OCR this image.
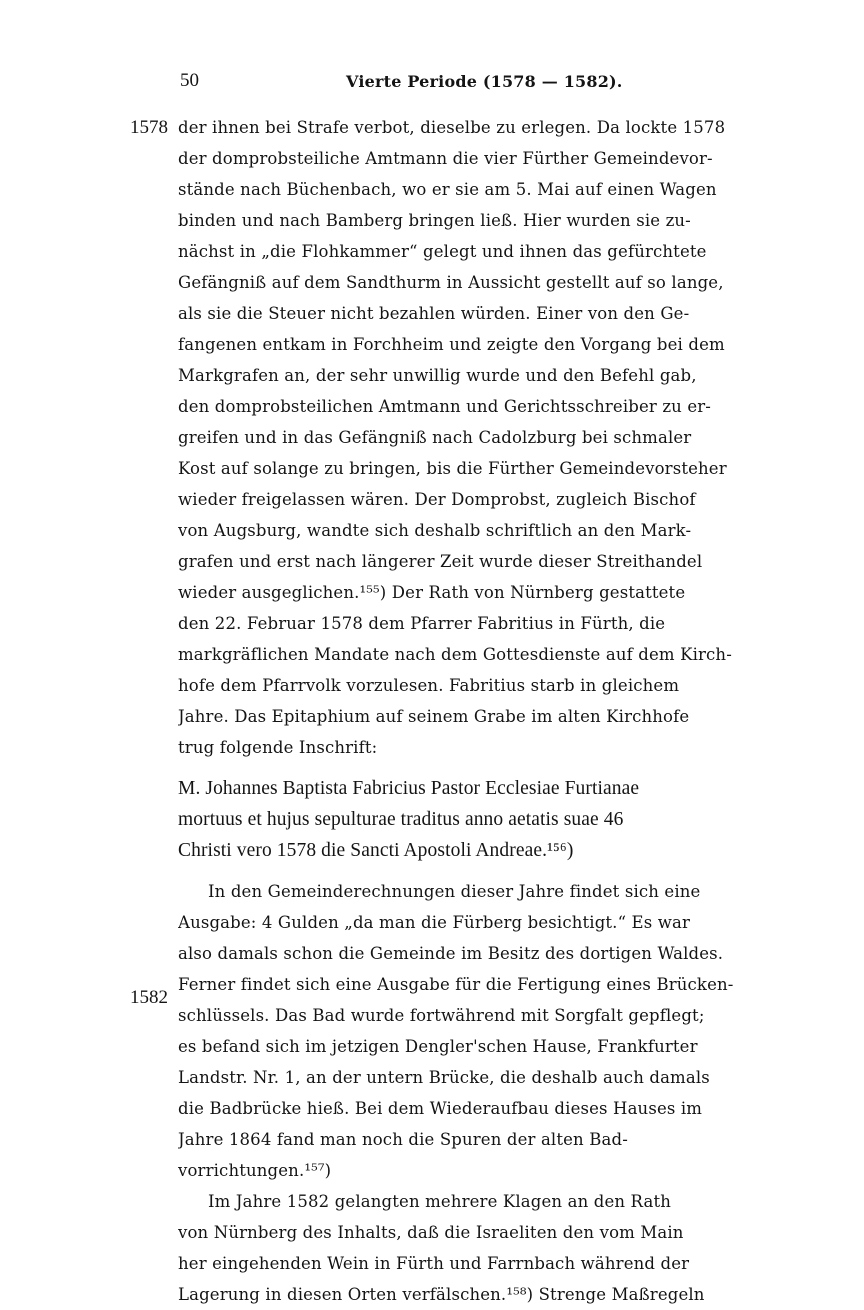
50	Vierte Periode (1578 — 1582).
1578
1582
der ihnen bei Strafe verbot, dieselbe zu erlegen. Da lockte 1578
der domprobsteiliche Amtmann die vier Fürther Gemeindevor-
stände nach Büchenbach, wo er sie am 5. Mai auf einen Wagen
binden und nach Bamberg bringen ließ. Hier wurden sie zu-
nächst in „die Flohkammer“ gelegt und ihnen das gefürchtete
Gefängniß auf dem Sandthurm in Aussicht gestellt auf so lange,
als sie die Steuer nicht bezahlen würden. Einer von den Ge-
fangenen entkam in Forchheim und zeigte den Vorgang bei dem
Markgrafen an, der sehr unwillig wurde und den Befehl gab,
den domprobsteilichen Amtmann und Gerichtsschreiber zu er-
greifen und in das Gefängniß nach Cadolzburg bei schmaler
Kost auf solange zu bringen, bis die Fürther Gemeindevorsteher
wieder freigelassen wären. Der Domprobst, zugleich Bischof
von Augsburg, wandte sich deshalb schriftlich an den Mark-
grafen und erst nach längerer Zeit wurde dieser Streithandel
wieder ausgeglichen.¹⁵⁵) Der Rath von Nürnberg gestattete
den 22. Februar 1578 dem Pfarrer Fabritius in Fürth, die
markgräflichen Mandate nach dem Gottesdienste auf dem Kirch-
hofe dem Pfarrvolk vorzulesen. Fabritius starb in gleichem
Jahre. Das Epitaphium auf seinem Grabe im alten Kirchhofe
trug folgende Inschrift:
M. Johannes Baptista Fabricius Pastor Ecclesiae Furtianae
mortuus et hujus sepulturae traditus anno aetatis suae 46
Christi vero 1578 die Sancti Apostoli Andreae.¹⁵⁶)
In den Gemeinderechnungen dieser Jahre findet sich eine
Ausgabe: 4 Gulden „da man die Fürberg besichtigt.“ Es war
also damals schon die Gemeinde im Besitz des dortigen Waldes.
Ferner findet sich eine Ausgabe für die Fertigung eines Brücken-
schlüssels. Das Bad wurde fortwährend mit Sorgfalt gepflegt;
es befand sich im jetzigen Dengler'schen Hause, Frankfurter
Landstr. Nr. 1, an der untern Brücke, die deshalb auch damals
die Badbrücke hieß. Bei dem Wiederaufbau dieses Hauses im
Jahre 1864 fand man noch die Spuren der alten Bad-
vorrichtungen.¹⁵⁷)
Im Jahre 1582 gelangten mehrere Klagen an den Rath
von Nürnberg des Inhalts, daß die Israeliten den vom Main
her eingehenden Wein in Fürth und Farrnbach während der
Lagerung in diesen Orten verfälschen.¹⁵⁸) Strenge Maßregeln
